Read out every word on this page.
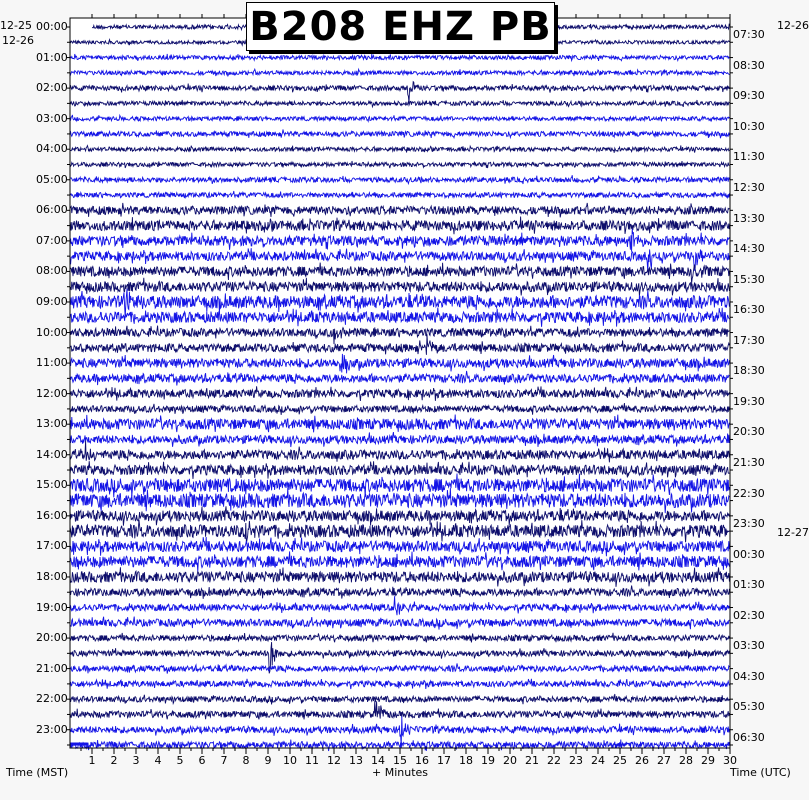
1 2 3 4 5 6 7 8 9 10 11 12 13 14 15 16 17 18 19 20 21 22 23 24 25 26 27 28 29 30
B208 EHZ PB
12-25
12-26
12-26
12-27
00:00
01:00
02:00
03:00
04:00
05:00
06:00
07:00
08:00
09:00
10:00
11:00
12:00
13:00
14:00
15:00
16:00
17:00
18:00
19:00
20:00
21:00
22:00
23:00
07:30
08:30
09:30
10:30
11:30
12:30
13:30
14:30
15:30
16:30
17:30
18:30
19:30
20:30
21:30
22:30
23:30
00:30
01:30
02:30
03:30
04:30
05:30
06:30
Time (MST)	+ Minutes	Time (UTC)
